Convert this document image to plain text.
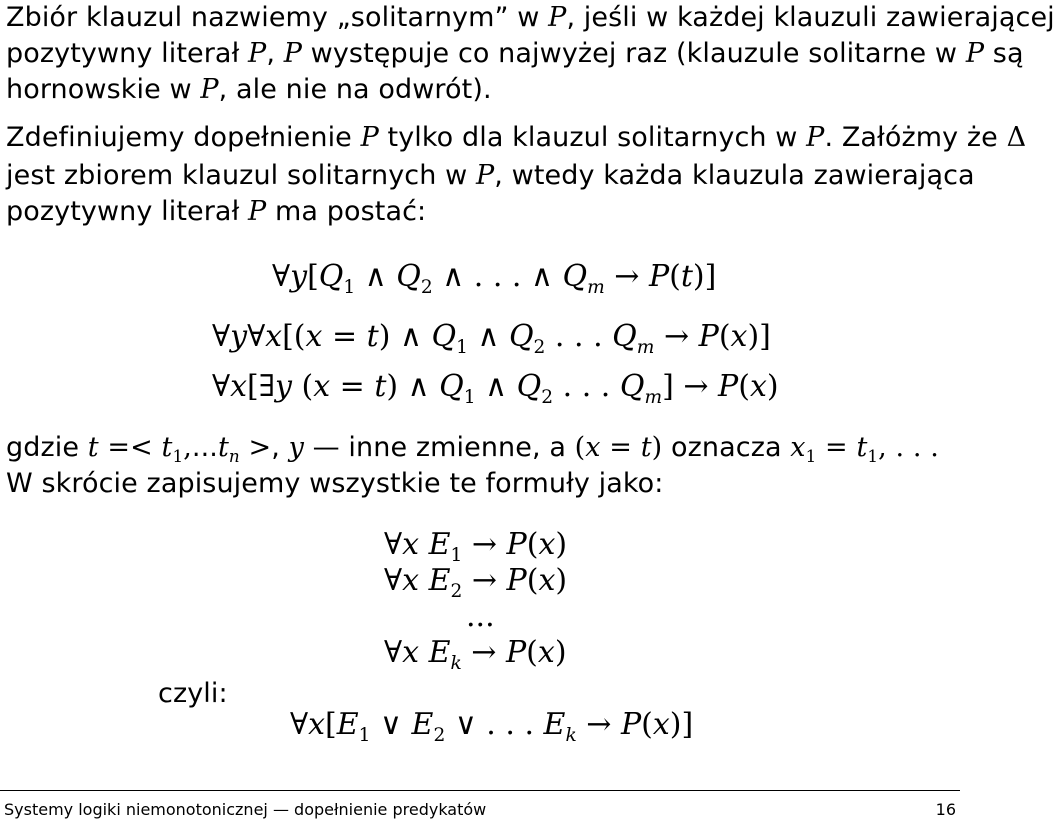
Zbiór klauzul nazwiemy „solitarnym” w P, jeśli w każdej klauzuli zawierającej
pozytywny literał P, P występuje co najwyżej raz (klauzule solitarne w P są
hornowskie w P, ale nie na odwrót).
Zdefiniujemy dopełnienie P tylko dla klauzul solitarnych w P. Załóżmy że Δ
jest zbiorem klauzul solitarnych w P, wtedy każda klauzula zawierająca
pozytywny literał P ma postać:
$\forall y[Q_1$ ∧ $Q_2$ ∧ . . . ∧ $Q_m \to P(t)$]
∀y∀x[(x = t) ∧ $Q_1$ ∧ $Q_2$ . . . $Q_m \to P(x)$]
∀x[∃y (x = t) ∧ $Q_1$ ∧ $Q_2$ . . . $Q_m] \to P(x)$
gdzie $t =< t_1,...t_n$ >, y — inne zmienne, a (x = t) oznacza $x_1 = t_1$, . . .
W skrócie zapisujemy wszystkie te formuły jako:
∀x $E_1 \to P(x)$
∀x $E_2 \to P(x)$
...
∀x $E_k \to P(x)$
czyli:
$\forall x[E_1$ ∨ $E_2$ ∨ . . . $E_k \to P(x)$]
Systemy logiki niemonotonicznej — dopełnienie predykatów	16
